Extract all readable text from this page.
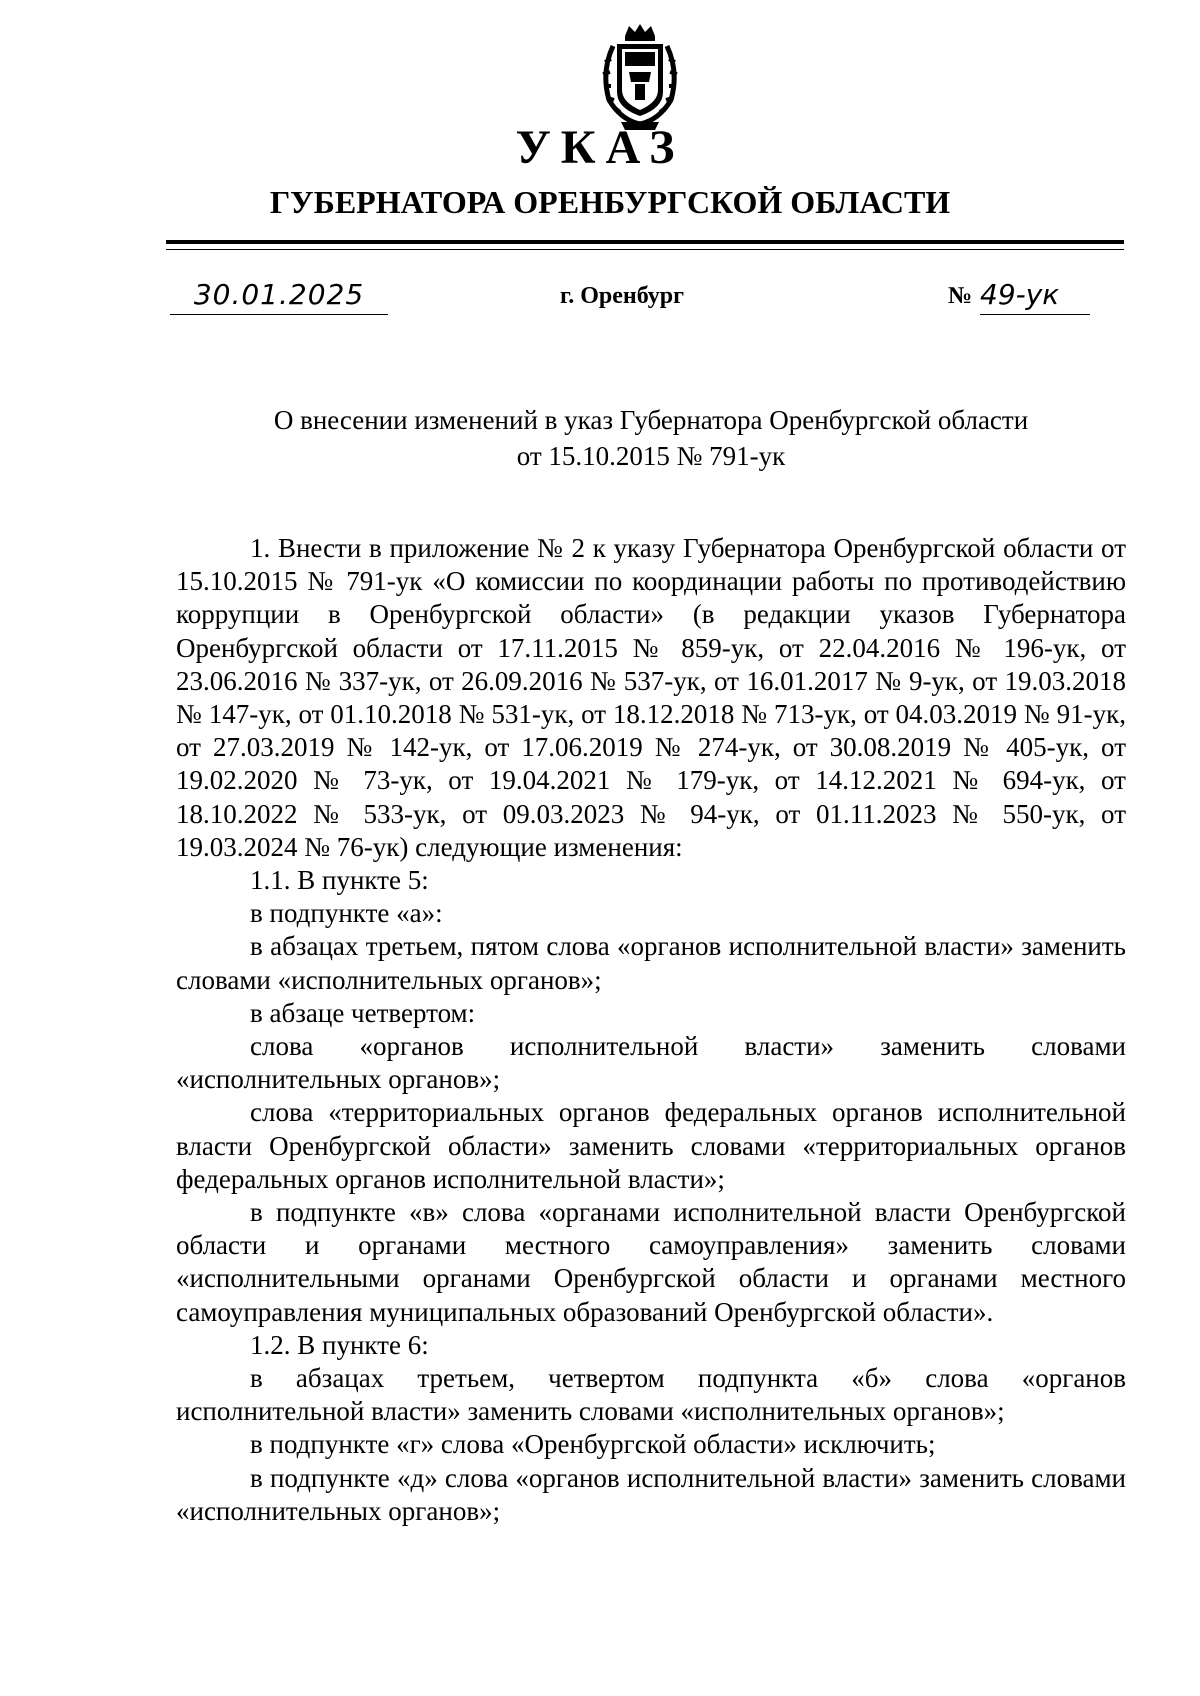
УКАЗ
ГУБЕРНАТОРА ОРЕНБУРГСКОЙ ОБЛАСТИ
30.01.2025	г. Оренбург	№ 49-ук
О внесении изменений в указ Губернатора Оренбургской области
от 15.10.2015 № 791-ук

1. Внести в приложение № 2 к указу Губернатора Оренбургской области от 15.10.2015 № 791-ук «О комиссии по координации работы по противодействию коррупции в Оренбургской области» (в редакции указов Губернатора Оренбургской области от 17.11.2015 № 859-ук, от 22.04.2016 № 196-ук, от 23.06.2016 № 337-ук, от 26.09.2016 № 537-ук, от 16.01.2017 № 9-ук, от 19.03.2018 № 147-ук, от 01.10.2018 № 531-ук, от 18.12.2018 № 713-ук, от 04.03.2019 № 91-ук, от 27.03.2019 № 142-ук, от 17.06.2019 № 274-ук, от 30.08.2019 № 405-ук, от 19.02.2020 № 73-ук, от 19.04.2021 № 179-ук, от 14.12.2021 № 694-ук, от 18.10.2022 № 533-ук, от 09.03.2023 № 94-ук, от 01.11.2023 № 550-ук, от 19.03.2024 № 76-ук) следующие изменения:

1.1. В пункте 5:

в подпункте «а»:

в абзацах третьем, пятом слова «органов исполнительной власти» заменить словами «исполнительных органов»;

в абзаце четвертом:

слова «органов исполнительной власти» заменить словами «исполнительных органов»;

слова «территориальных органов федеральных органов исполнительной власти Оренбургской области» заменить словами «территориальных органов федеральных органов исполнительной власти»;

в подпункте «в» слова «органами исполнительной власти Оренбургской области и органами местного самоуправления» заменить словами «исполнительными органами Оренбургской области и органами местного самоуправления муниципальных образований Оренбургской области».

1.2. В пункте 6:

в абзацах третьем, четвертом подпункта «б» слова «органов исполнительной власти» заменить словами «исполнительных органов»;

в подпункте «г» слова «Оренбургской области» исключить;

в подпункте «д» слова «органов исполнительной власти» заменить словами «исполнительных органов»;
